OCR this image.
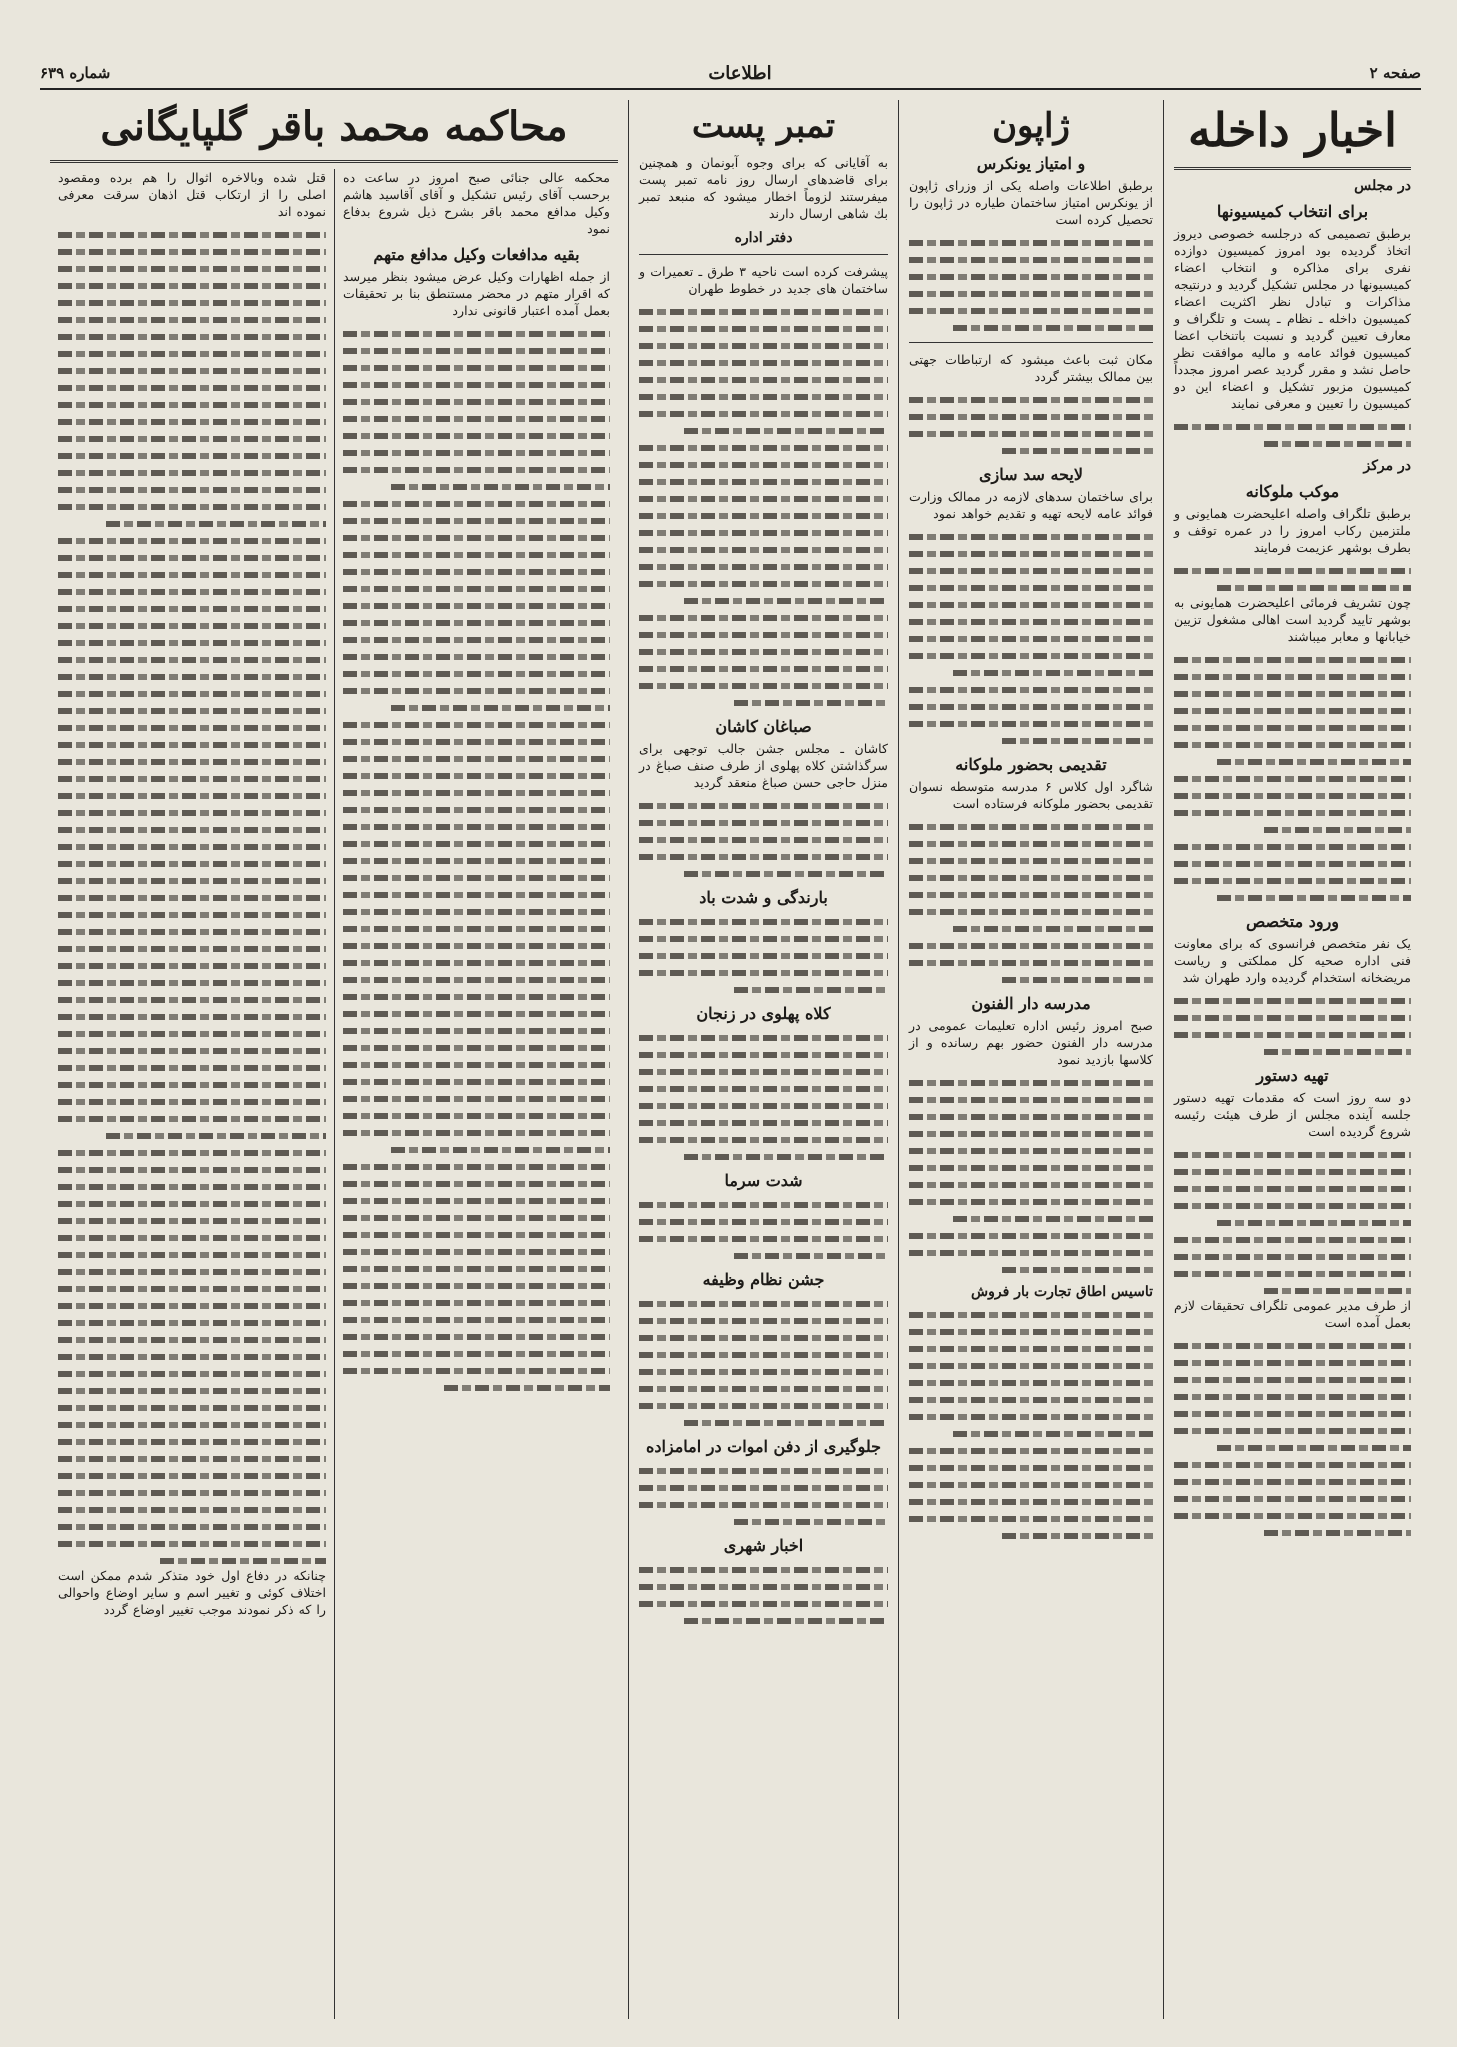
صفحه ۲
اطلاعات
شماره ۶۳۹
اخبار داخله
در مجلس
برای انتخاب کمیسیونها

برطبق تصمیمی که درجلسه خصوصی دیروز اتخاذ گردیده بود امروز کمیسیون دوازده نفری برای مذاکره و انتخاب اعضاء کمیسیونها در مجلس تشکیل گردید و درنتیجه مذاکرات و تبادل نظر اکثریت اعضاء کمیسیون داخله ـ نظام ـ پست و تلگراف و معارف تعیین گردید و نسبت باتنخاب اعضا کمیسیون فوائد عامه و مالیه موافقت نظر حاصل نشد و مقرر گردید عصر امروز مجدداً کمیسیون مزبور تشکیل و اعضاء این دو کمیسیون را تعیین و معرفی نمایند

در مرکز
موکب ملوکانه

برطبق تلگراف واصله اعلیحضرت همایونی و ملتزمین رکاب امروز را در عمره توقف و بطرف بوشهر عزیمت فرمایند

چون تشریف فرمائی اعلیحضرت همایونی به بوشهر تایید گردید است اهالی مشغول تزیین خیابانها و معابر میباشند

ورود متخصص

یک نفر متخصص فرانسوی که برای معاونت فنی اداره صحیه کل مملکتی و ریاست مریضخانه استخدام گردیده وارد طهران شد

تهیه دستور

دو سه روز است که مقدمات تهیه دستور جلسه آینده مجلس از طرف هیئت رئیسه شروع گردیده است

از طرف مدیر عمومی تلگراف تحقیقات لازم بعمل آمده است

ژاپون
و امتیاز یونکرس

برطبق اطلاعات واصله یکی از وزرای ژاپون از یونکرس امتیاز ساختمان طیاره در ژاپون را تحصیل کرده است

مکان ثبت باعث میشود که ارتباطات جهتی بین ممالک بیشتر گردد

لایحه سد سازی

برای ساختمان سدهای لازمه در ممالک وزارت فوائد عامه لایحه تهیه و تقدیم خواهد نمود

تقدیمی بحضور ملوکانه

شاگرد اول کلاس ۶ مدرسه متوسطه نسوان تقدیمی بحضور ملوکانه فرستاده است

مدرسه دار الفنون

صبح امروز رئیس اداره تعلیمات عمومی در مدرسه دار الفنون حضور بهم رسانده و از کلاسها بازدید نمود

تاسیس اطاق تجارت بار فروش
تمبر پست

به آقایانی که برای وجوه آبونمان و همچنین برای قاضدهای ارسال روز نامه تمبر پست میفرستند لزوماً اخطار میشود که منبعد تمبر بك شاهی ارسال دارند

دفتر اداره

پیشرفت کرده است ناحیه ۳ طرق ـ تعمیرات و ساختمان های جدید در خطوط طهران

صباغان کاشان

کاشان ـ مجلس جشن جالب توجهی برای سرگذاشتن کلاه پهلوی از طرف صنف صباغ در منزل حاجی حسن صباغ منعقد گردید

بارندگی و شدت باد
کلاه پهلوی در زنجان
شدت سرما
جشن نظام وظیفه
جلوگیری از دفن اموات در امامزاده
اخبار شهری
محاکمه محمد باقر گلپایگانی

محکمه عالی جنائی صبح امروز در ساعت ده برحسب آقای رئیس تشکیل و آقای آقاسید هاشم وکیل مدافع محمد باقر بشرح ذیل شروع بدفاع نمود

بقیه مدافعات وکیل مدافع متهم

از جمله اظهارات وکیل عرض میشود بنظر میرسد که اقرار متهم در محضر مستنطق بنا بر تحقیقات بعمل آمده اعتبار قانونی ندارد

قتل شده وبالاخره اثوال را هم برده ومقصود اصلی را از ارتکاب قتل اذهان سرقت معرفی نموده اند

چنانکه در دفاع اول خود متذکر شدم ممکن است اختلاف کوئی و تغییر اسم و سایر اوضاع واحوالی را که ذکر نمودند موجب تغییر اوضاع گردد
